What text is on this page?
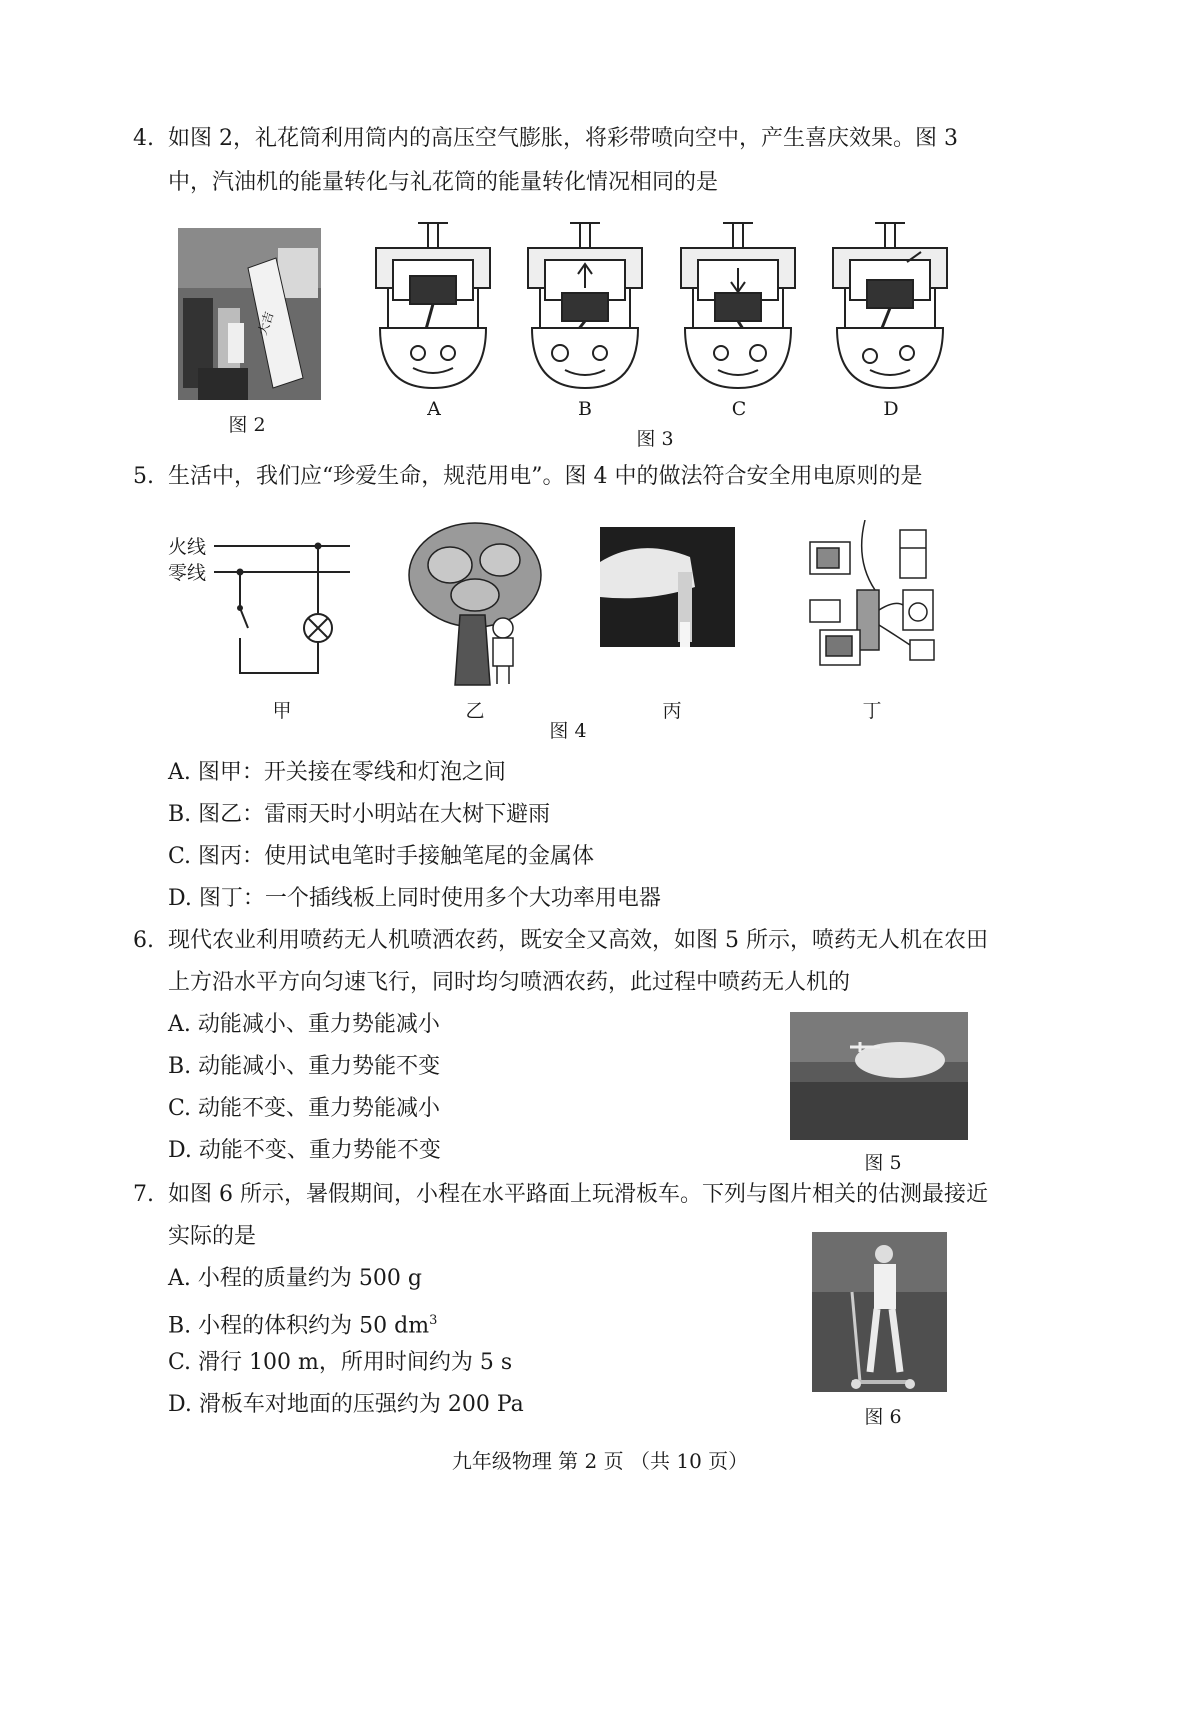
4. 如图 2，礼花筒利用筒内的高压空气膨胀，将彩带喷向空中，产生喜庆效果。图 3
中，汽油机的能量转化与礼花筒的能量转化情况相同的是
大吉
图 2
A	B	C	D
图 3
5. 生活中，我们应“珍爱生命，规范用电”。图 4 中的做法符合安全用电原则的是
火线
零线
甲	乙	丙	丁
图 4
A. 图甲：开关接在零线和灯泡之间
B. 图乙：雷雨天时小明站在大树下避雨
C. 图丙：使用试电笔时手接触笔尾的金属体
D. 图丁：一个插线板上同时使用多个大功率用电器
6. 现代农业利用喷药无人机喷洒农药，既安全又高效，如图 5 所示，喷药无人机在农田
上方沿水平方向匀速飞行，同时均匀喷洒农药，此过程中喷药无人机的
A. 动能减小、重力势能减小
B. 动能减小、重力势能不变
C. 动能不变、重力势能减小
D. 动能不变、重力势能不变	图 5
7. 如图 6 所示，暑假期间，小程在水平路面上玩滑板车。下列与图片相关的估测最接近
实际的是
A. 小程的质量约为 500 g
B. 小程的体积约为 50 $dm^3$
C. 滑行 100 m，所用时间约为 5 s
D. 滑板车对地面的压强约为 200 Pa	图 6
九年级物理 第 2 页 （共 10 页）
